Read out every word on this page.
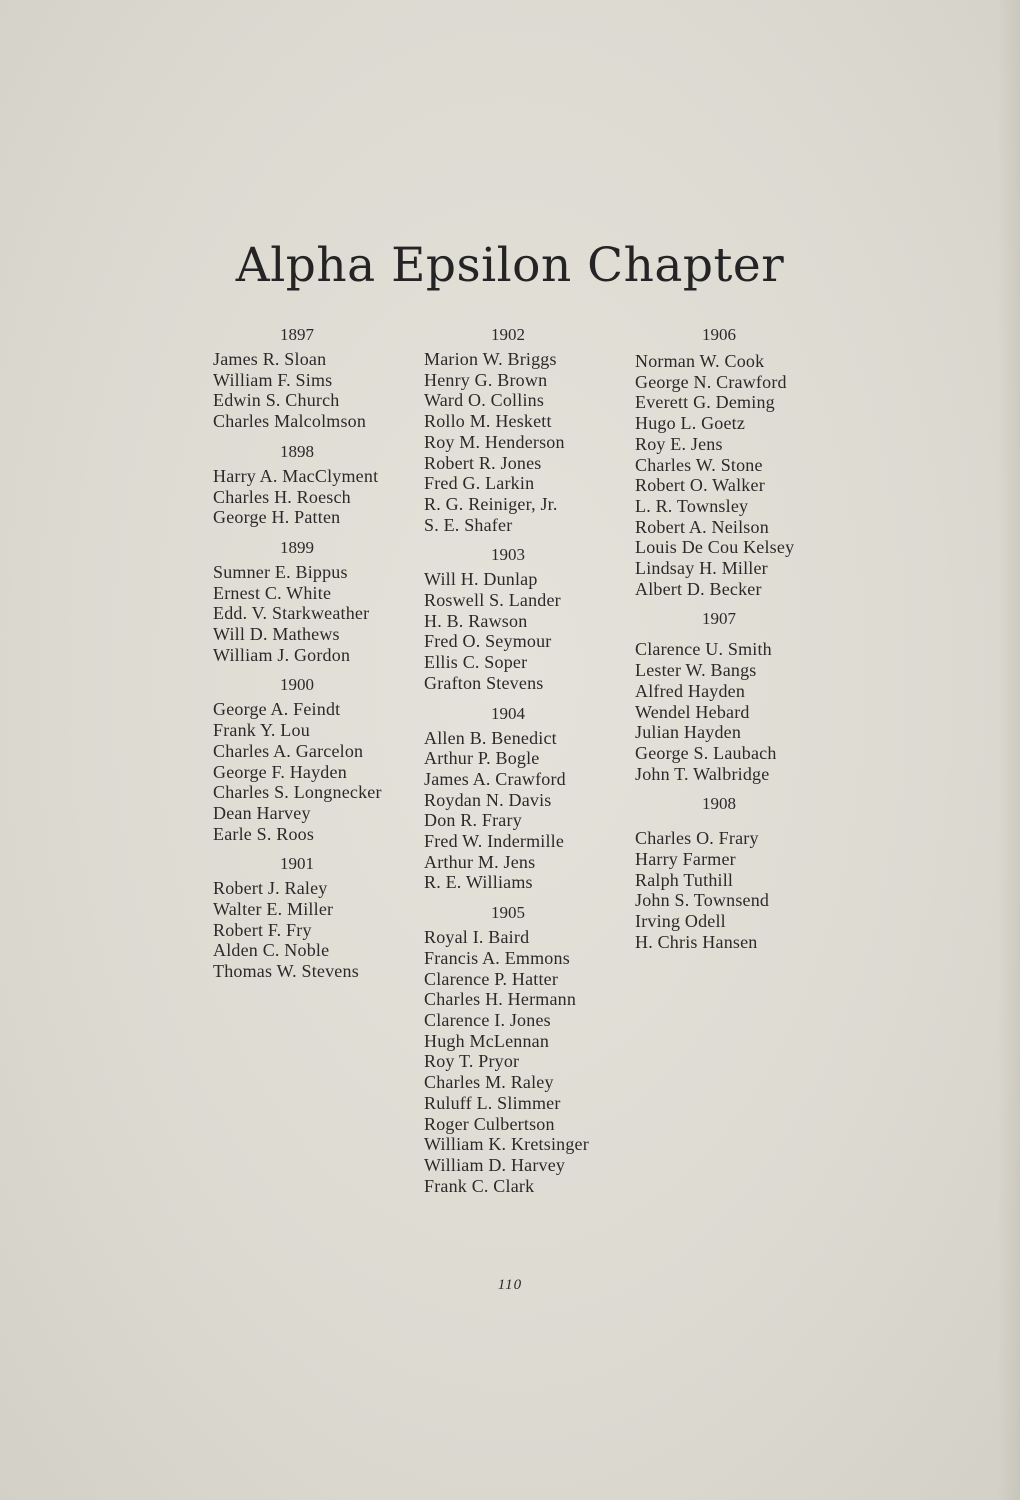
Alpha Epsilon Chapter
1897
James R. Sloan
William F. Sims
Edwin S. Church
Charles Malcolmson
1898
Harry A. MacClyment
Charles H. Roesch
George H. Patten
1899
Sumner E. Bippus
Ernest C. White
Edd. V. Starkweather
Will D. Mathews
William J. Gordon
1900
George A. Feindt
Frank Y. Lou
Charles A. Garcelon
George F. Hayden
Charles S. Longnecker
Dean Harvey
Earle S. Roos
1901
Robert J. Raley
Walter E. Miller
Robert F. Fry
Alden C. Noble
Thomas W. Stevens
1902
Marion W. Briggs
Henry G. Brown
Ward O. Collins
Rollo M. Heskett
Roy M. Henderson
Robert R. Jones
Fred G. Larkin
R. G. Reiniger, Jr.
S. E. Shafer
1903
Will H. Dunlap
Roswell S. Lander
H. B. Rawson
Fred O. Seymour
Ellis C. Soper
Grafton Stevens
1904
Allen B. Benedict
Arthur P. Bogle
James A. Crawford
Roydan N. Davis
Don R. Frary
Fred W. Indermille
Arthur M. Jens
R. E. Williams
1905
Royal I. Baird
Francis A. Emmons
Clarence P. Hatter
Charles H. Hermann
Clarence I. Jones
Hugh McLennan
Roy T. Pryor
Charles M. Raley
Ruluff L. Slimmer
Roger Culbertson
William K. Kretsinger
William D. Harvey
Frank C. Clark
1906
Norman W. Cook
George N. Crawford
Everett G. Deming
Hugo L. Goetz
Roy E. Jens
Charles W. Stone
Robert O. Walker
L. R. Townsley
Robert A. Neilson
Louis De Cou Kelsey
Lindsay H. Miller
Albert D. Becker
1907
Clarence U. Smith
Lester W. Bangs
Alfred Hayden
Wendel Hebard
Julian Hayden
George S. Laubach
John T. Walbridge
1908
Charles O. Frary
Harry Farmer
Ralph Tuthill
John S. Townsend
Irving Odell
H. Chris Hansen
110
